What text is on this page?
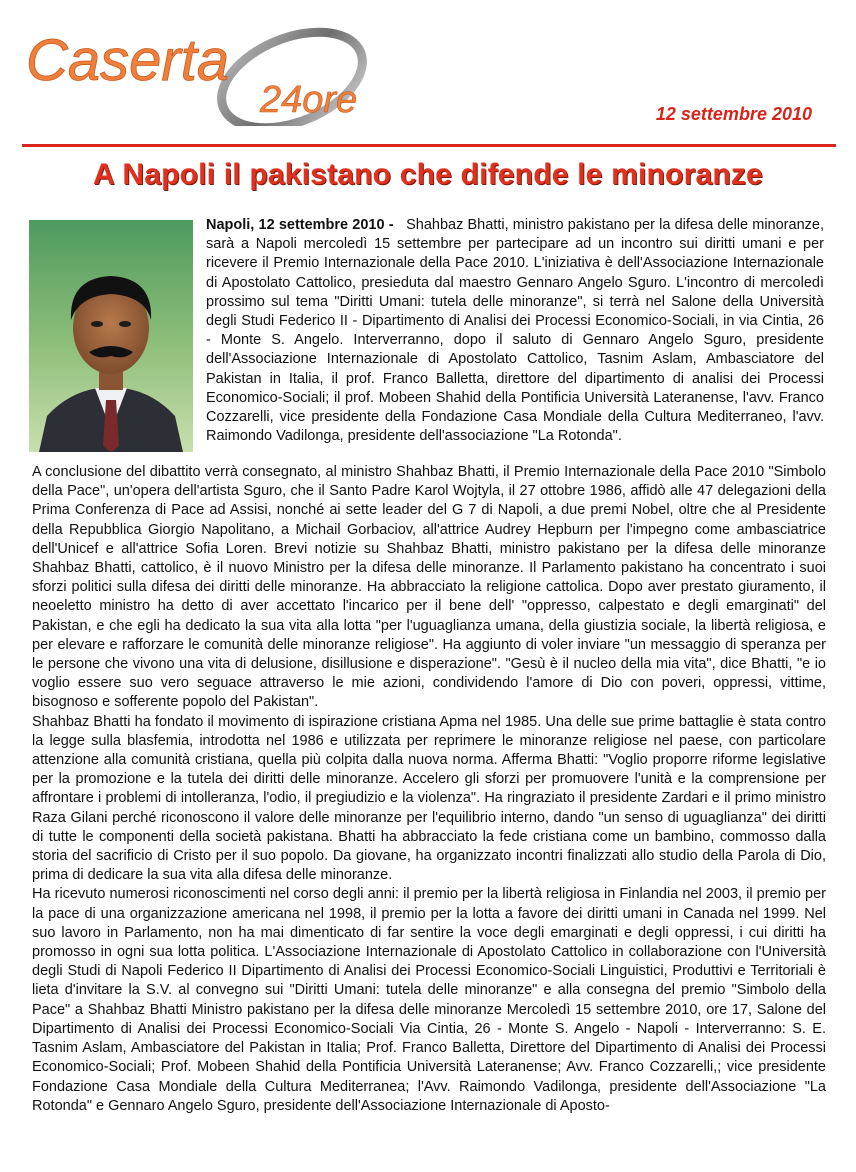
Caserta
24ore	12 settembre 2010
A Napoli il pakistano che difende le minoranze
Napoli, 12 settembre 2010 - Shahbaz Bhatti, ministro pakistano per la difesa delle minoranze, sarà a Napoli mercoledì 15 settembre per partecipare ad un incontro sui diritti umani e per ricevere il Premio Internazionale della Pace 2010. L'iniziativa è dell'Associazione Internazionale di Apostolato Cattolico, presieduta dal maestro Gennaro Angelo Sguro. L'incontro di mercoledì prossimo sul tema "Diritti Umani: tutela delle minoranze", si terrà nel Salone della Università degli Studi Federico II - Dipartimento di Analisi dei Processi Economico-Sociali, in via Cintia, 26 - Monte S. Angelo. Interverranno, dopo il saluto di Gennaro Angelo Sguro, presidente dell'Associazione Internazionale di Apostolato Cattolico, Tasnim Aslam, Ambasciatore del Pakistan in Italia, il prof. Franco Balletta, direttore del dipartimento di analisi dei Processi Economico-Sociali; il prof. Mobeen Shahid della Pontificia Università Lateranense, l'avv. Franco Cozzarelli, vice presidente della Fondazione Casa Mondiale della Cultura Mediterraneo, l'avv. Raimondo Vadilonga, presidente dell'associazione "La Rotonda".

A conclusione del dibattito verrà consegnato, al ministro Shahbaz Bhatti, il Premio Internazionale della Pace 2010 "Simbolo della Pace", un'opera dell'artista Sguro, che il Santo Padre Karol Wojtyla, il 27 ottobre 1986, affidò alle 47 delegazioni della Prima Conferenza di Pace ad Assisi, nonché ai sette leader del G 7 di Napoli, a due premi Nobel, oltre che al Presidente della Repubblica Giorgio Napolitano, a Michail Gorbaciov, all'attrice Audrey Hepburn per l'impegno come ambasciatrice dell'Unicef e all'attrice Sofia Loren. Brevi notizie su Shahbaz Bhatti, ministro pakistano per la difesa delle minoranze Shahbaz Bhatti, cattolico, è il nuovo Ministro per la difesa delle minoranze. Il Parlamento pakistano ha concentrato i suoi sforzi politici sulla difesa dei diritti delle minoranze. Ha abbracciato la religione cattolica. Dopo aver prestato giuramento, il neoeletto ministro ha detto di aver accettato l'incarico per il bene dell' "oppresso, calpestato e degli emarginati" del Pakistan, e che egli ha dedicato la sua vita alla lotta "per l'uguaglianza umana, della giustizia sociale, la libertà religiosa, e per elevare e rafforzare le comunità delle minoranze religiose". Ha aggiunto di voler inviare "un messaggio di speranza per le persone che vivono una vita di delusione, disillusione e disperazione". "Gesù è il nucleo della mia vita", dice Bhatti, "e io voglio essere suo vero seguace attraverso le mie azioni, condividendo l'amore di Dio con poveri, oppressi, vittime, bisognoso e sofferente popolo del Pakistan".

Shahbaz Bhatti ha fondato il movimento di ispirazione cristiana Apma nel 1985. Una delle sue prime battaglie è stata contro la legge sulla blasfemia, introdotta nel 1986 e utilizzata per reprimere le minoranze religiose nel paese, con particolare attenzione alla comunità cristiana, quella più colpita dalla nuova norma. Afferma Bhatti: "Voglio proporre riforme legislative per la promozione e la tutela dei diritti delle minoranze. Accelero gli sforzi per promuovere l'unità e la comprensione per affrontare i problemi di intolleranza, l'odio, il pregiudizio e la violenza". Ha ringraziato il presidente Zardari e il primo ministro Raza Gilani perché riconoscono il valore delle minoranze per l'equilibrio interno, dando "un senso di uguaglianza" dei diritti di tutte le componenti della società pakistana. Bhatti ha abbracciato la fede cristiana come un bambino, commosso dalla storia del sacrificio di Cristo per il suo popolo. Da giovane, ha organizzato incontri finalizzati allo studio della Parola di Dio, prima di dedicare la sua vita alla difesa delle minoranze.

Ha ricevuto numerosi riconoscimenti nel corso degli anni: il premio per la libertà religiosa in Finlandia nel 2003, il premio per la pace di una organizzazione americana nel 1998, il premio per la lotta a favore dei diritti umani in Canada nel 1999. Nel suo lavoro in Parlamento, non ha mai dimenticato di far sentire la voce degli emarginati e degli oppressi, i cui diritti ha promosso in ogni sua lotta politica. L'Associazione Internazionale di Apostolato Cattolico in collaborazione con l'Università degli Studi di Napoli Federico II Dipartimento di Analisi dei Processi Economico-Sociali Linguistici, Produttivi e Territoriali è lieta d'invitare la S.V. al convegno sui "Diritti Umani: tutela delle minoranze" e alla consegna del premio "Simbolo della Pace" a Shahbaz Bhatti Ministro pakistano per la difesa delle minoranze Mercoledì 15 settembre 2010, ore 17, Salone del Dipartimento di Analisi dei Processi Economico-Sociali Via Cintia, 26 - Monte S. Angelo - Napoli - Interverranno: S. E. Tasnim Aslam, Ambasciatore del Pakistan in Italia; Prof. Franco Balletta, Direttore del Dipartimento di Analisi dei Processi Economico-Sociali; Prof. Mobeen Shahid della Pontificia Università Lateranense; Avv. Franco Cozzarelli,; vice presidente Fondazione Casa Mondiale della Cultura Mediterranea; l'Avv. Raimondo Vadilonga, presidente dell'Associazione "La Rotonda" e Gennaro Angelo Sguro, presidente dell'Associazione Internazionale di Aposto-
